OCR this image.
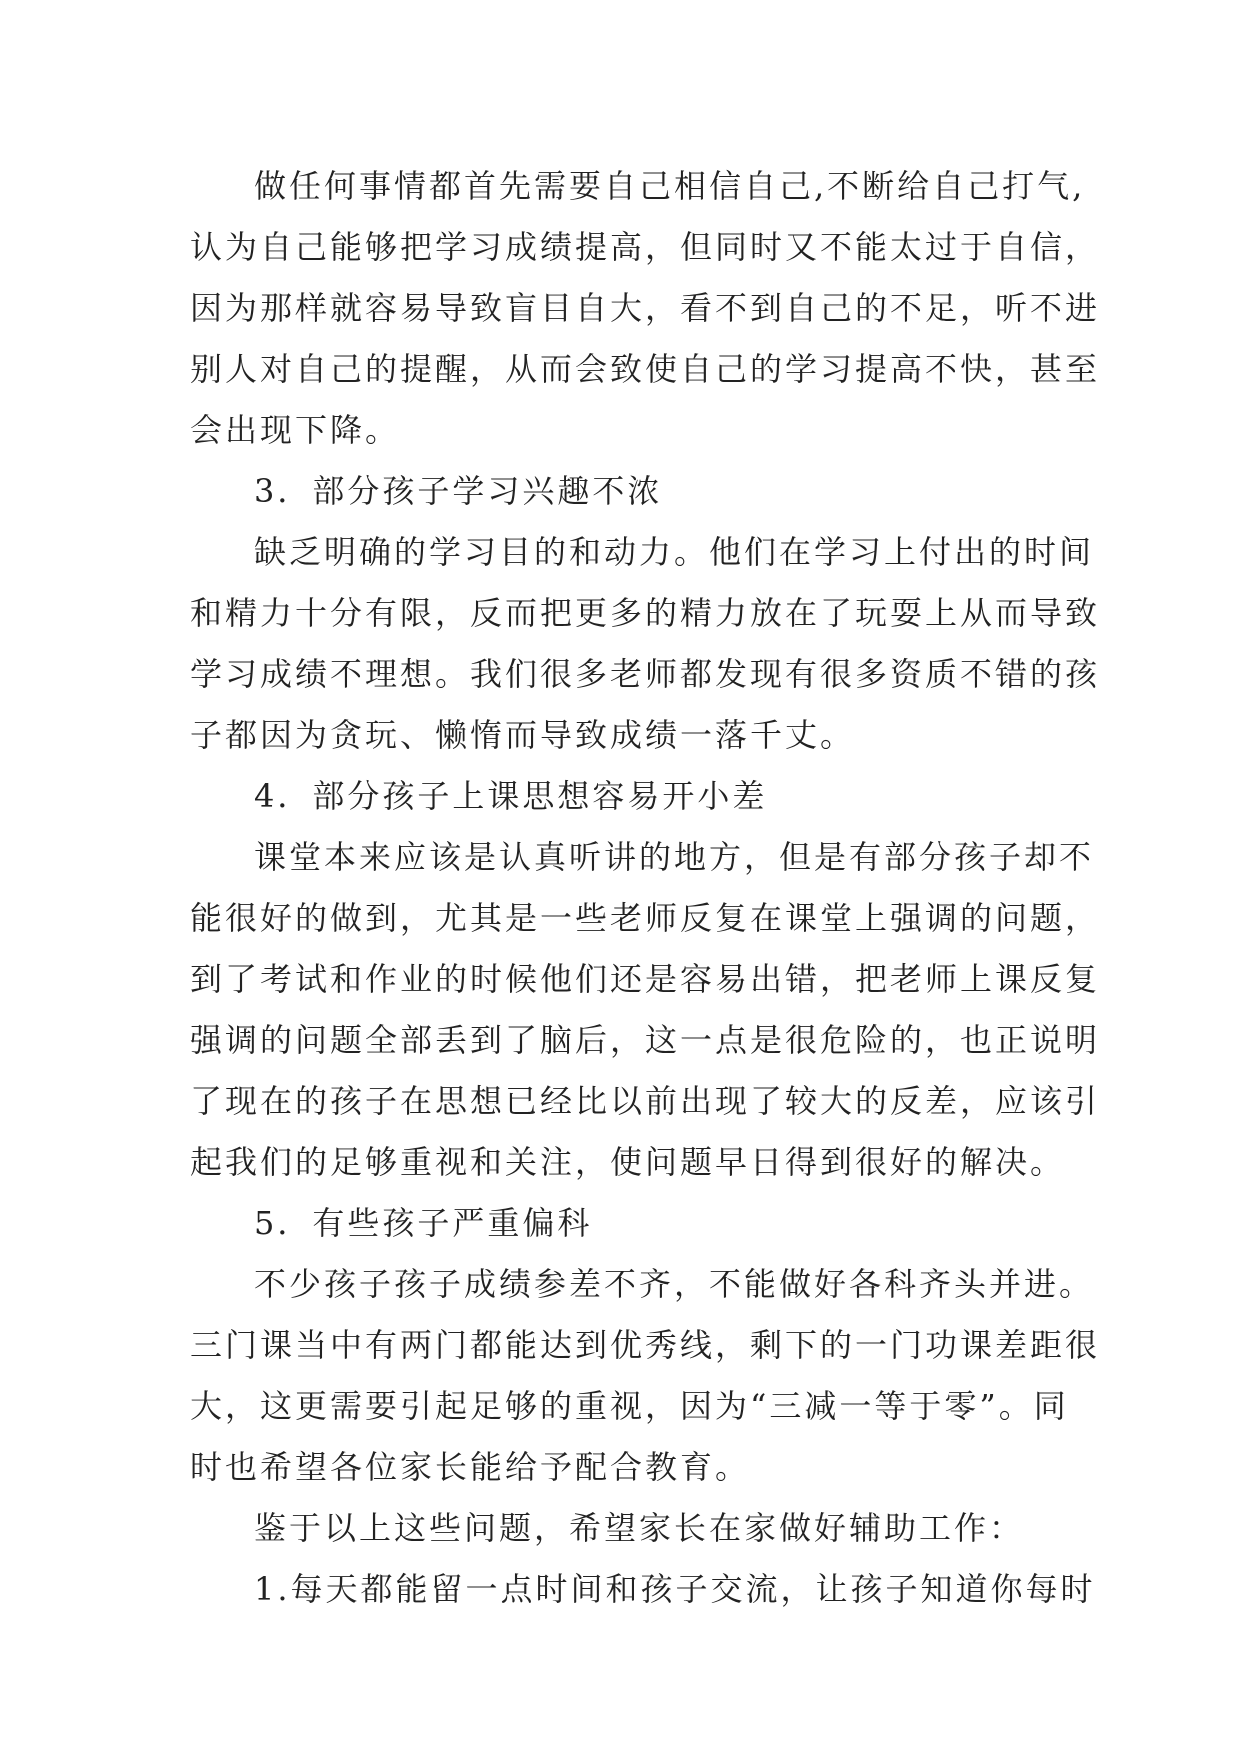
做任何事情都首先需要自己相信自己,不断给自己打气,
认为自己能够把学习成绩提高，但同时又不能太过于自信，
因为那样就容易导致盲目自大，看不到自己的不足，听不进
别人对自己的提醒，从而会致使自己的学习提高不快，甚至
会出现下降。
3．部分孩子学习兴趣不浓
缺乏明确的学习目的和动力。他们在学习上付出的时间
和精力十分有限，反而把更多的精力放在了玩耍上从而导致
学习成绩不理想。我们很多老师都发现有很多资质不错的孩
子都因为贪玩、懒惰而导致成绩一落千丈。
4．部分孩子上课思想容易开小差
课堂本来应该是认真听讲的地方，但是有部分孩子却不
能很好的做到，尤其是一些老师反复在课堂上强调的问题，
到了考试和作业的时候他们还是容易出错，把老师上课反复
强调的问题全部丢到了脑后，这一点是很危险的，也正说明
了现在的孩子在思想已经比以前出现了较大的反差，应该引
起我们的足够重视和关注，使问题早日得到很好的解决。
5．有些孩子严重偏科
不少孩子孩子成绩参差不齐，不能做好各科齐头并进。
三门课当中有两门都能达到优秀线，剩下的一门功课差距很
大，这更需要引起足够的重视，因为“三减一等于零”。同
时也希望各位家长能给予配合教育。
鉴于以上这些问题，希望家长在家做好辅助工作：
1.每天都能留一点时间和孩子交流，让孩子知道你每时
